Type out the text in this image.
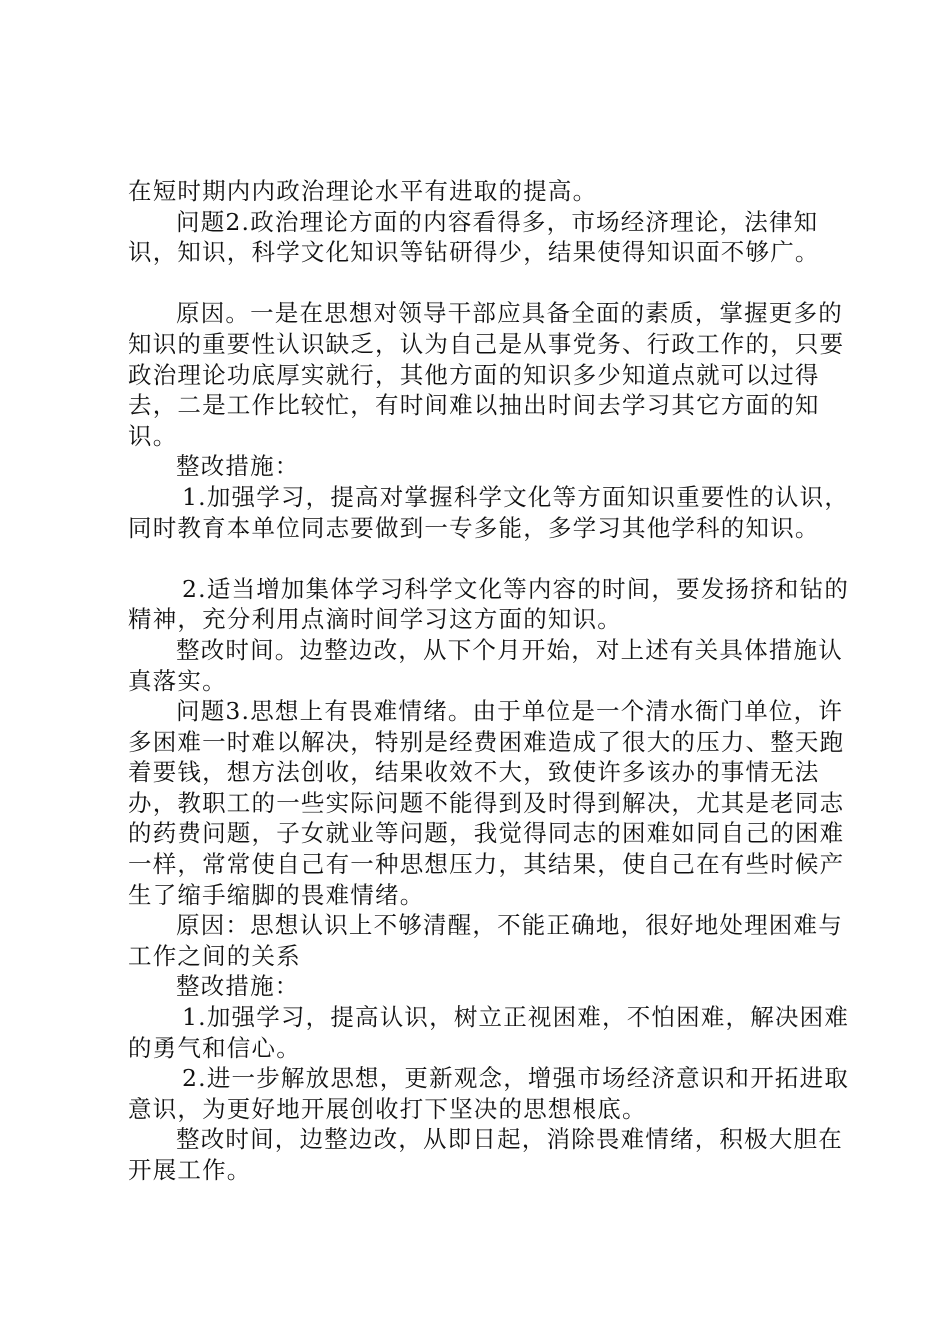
在短时期内内政治理论水平有进取的提高。

问题2.政治理论方面的内容看得多，市场经济理论，法律知识，知识，科学文化知识等钻研得少，结果使得知识面不够广。

原因。一是在思想对领导干部应具备全面的素质，掌握更多的知识的重要性认识缺乏，认为自己是从事党务、行政工作的，只要政治理论功底厚实就行，其他方面的知识多少知道点就可以过得去，二是工作比较忙，有时间难以抽出时间去学习其它方面的知识。

整改措施：

1.加强学习，提高对掌握科学文化等方面知识重要性的认识，同时教育本单位同志要做到一专多能，多学习其他学科的知识。

2.适当增加集体学习科学文化等内容的时间，要发扬挤和钻的精神，充分利用点滴时间学习这方面的知识。

整改时间。边整边改，从下个月开始，对上述有关具体措施认真落实。

问题3.思想上有畏难情绪。由于单位是一个清水衙门单位，许多困难一时难以解决，特别是经费困难造成了很大的压力、整天跑着要钱，想方法创收，结果收效不大，致使许多该办的事情无法办，教职工的一些实际问题不能得到及时得到解决，尤其是老同志的药费问题，子女就业等问题，我觉得同志的困难如同自己的困难一样，常常使自己有一种思想压力，其结果，使自己在有些时候产生了缩手缩脚的畏难情绪。

原因：思想认识上不够清醒，不能正确地，很好地处理困难与工作之间的关系

整改措施：

1.加强学习，提高认识，树立正视困难，不怕困难，解决困难的勇气和信心。

2.进一步解放思想，更新观念，增强市场经济意识和开拓进取意识，为更好地开展创收打下坚决的思想根底。

整改时间，边整边改，从即日起，消除畏难情绪，积极大胆在开展工作。
